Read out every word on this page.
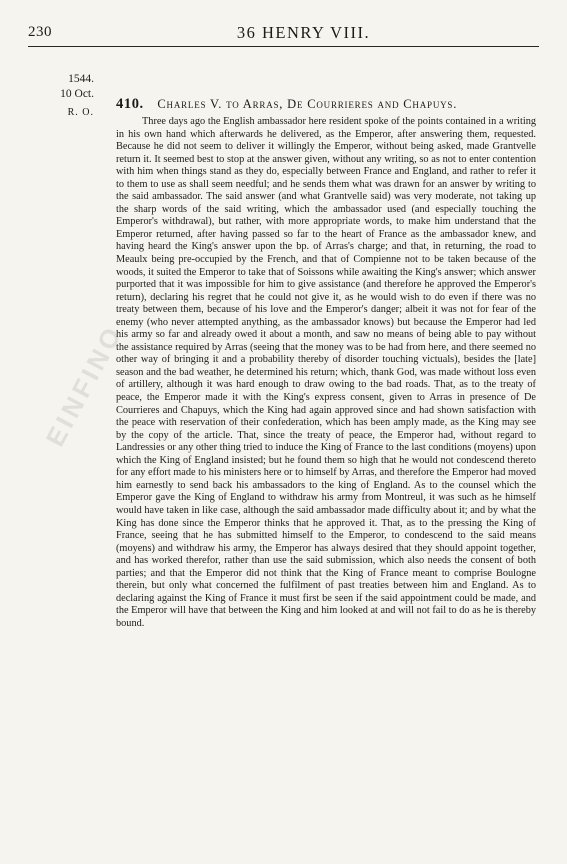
230	36 HENRY VIII.
EINFINO
1544.
10 Oct.
R. O.
410. Charles V. to Arras, De Courrieres and Chapuys.

Three days ago the English ambassador here resident spoke of the points contained in a writing in his own hand which afterwards he delivered, as the Emperor, after answering them, requested. Because he did not seem to deliver it willingly the Emperor, without being asked, made Grantvelle return it. It seemed best to stop at the answer given, without any writing, so as not to enter contention with him when things stand as they do, especially between France and England, and rather to refer it to them to use as shall seem needful; and he sends them what was drawn for an answer by writing to the said ambassador. The said answer (and what Grantvelle said) was very moderate, not taking up the sharp words of the said writing, which the ambassador used (and especially touching the Emperor's withdrawal), but rather, with more appropriate words, to make him understand that the Emperor returned, after having passed so far to the heart of France as the ambassador knew, and having heard the King's answer upon the bp. of Arras's charge; and that, in returning, the road to Meaulx being pre-occupied by the French, and that of Compienne not to be taken because of the woods, it suited the Emperor to take that of Soissons while awaiting the King's answer; which answer purported that it was impossible for him to give assistance (and therefore he approved the Emperor's return), declaring his regret that he could not give it, as he would wish to do even if there was no treaty between them, because of his love and the Emperor's danger; albeit it was not for fear of the enemy (who never attempted anything, as the ambassador knows) but because the Emperor had led his army so far and already owed it about a month, and saw no means of being able to pay without the assistance required by Arras (seeing that the money was to be had from here, and there seemed no other way of bringing it and a probability thereby of disorder touching victuals), besides the [late] season and the bad weather, he determined his return; which, thank God, was made without loss even of artillery, although it was hard enough to draw owing to the bad roads. That, as to the treaty of peace, the Emperor made it with the King's express consent, given to Arras in presence of De Courrieres and Chapuys, which the King had again approved since and had shown satisfaction with the peace with reservation of their confederation, which has been amply made, as the King may see by the copy of the article. That, since the treaty of peace, the Emperor had, without regard to Landressies or any other thing tried to induce the King of France to the last conditions (moyens) upon which the King of England insisted; but he found them so high that he would not condescend thereto for any effort made to his ministers here or to himself by Arras, and therefore the Emperor had moved him earnestly to send back his ambassadors to the king of England. As to the counsel which the Emperor gave the King of England to withdraw his army from Montreul, it was such as he himself would have taken in like case, although the said ambassador made difficulty about it; and by what the King has done since the Emperor thinks that he approved it. That, as to the pressing the King of France, seeing that he has submitted himself to the Emperor, to condescend to the said means (moyens) and withdraw his army, the Emperor has always desired that they should appoint together, and has worked therefor, rather than use the said submission, which also needs the consent of both parties; and that the Emperor did not think that the King of France meant to comprise Boulogne therein, but only what concerned the fulfilment of past treaties between him and England. As to declaring against the King of France it must first be seen if the said appointment could be made, and the Emperor will have that between the King and him looked at and will not fail to do as he is thereby bound.
